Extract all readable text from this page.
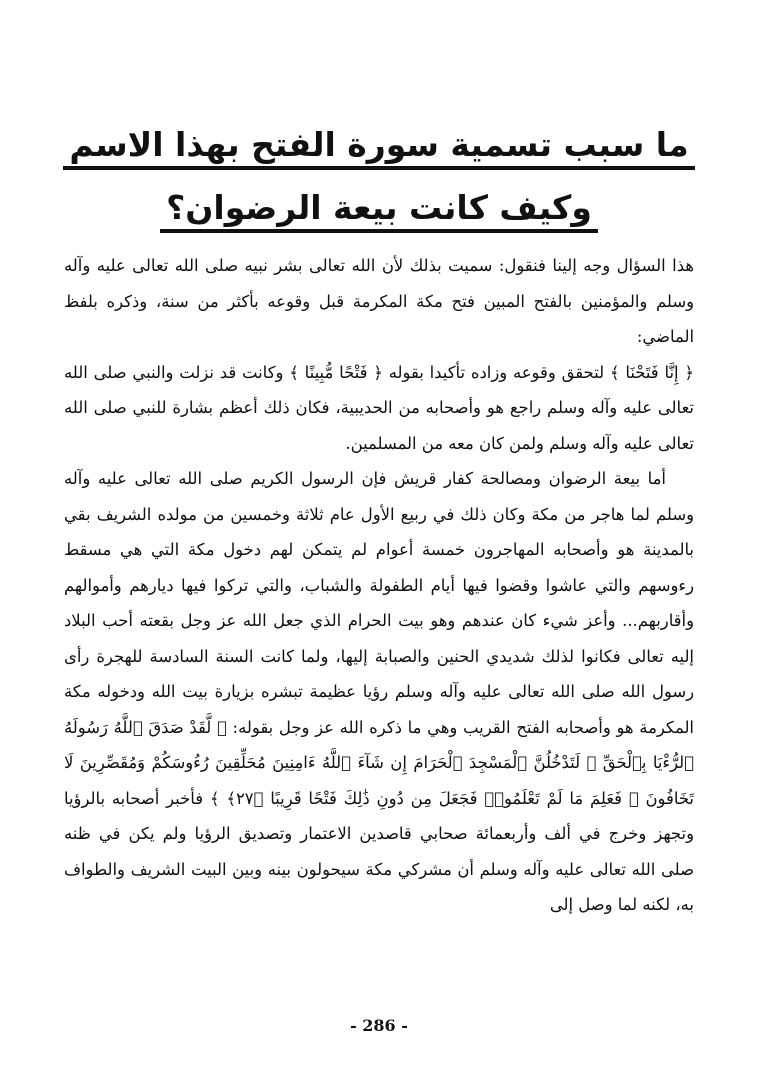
ما سبب تسمية سورة الفتح بهذا الاسم
وكيف كانت بيعة الرضوان؟

هذا السؤال وجه إلينا فنقول: سميت بذلك لأن الله تعالى بشر نبيه صلى الله تعالى عليه وآله وسلم والمؤمنين بالفتح المبين فتح مكة المكرمة قبل وقوعه بأكثر من سنة، وذكره بلفظ الماضي:

﴿ إِنَّا فَتَحْنَا ﴾ لتحقق وقوعه وزاده تأكيدا بقوله ﴿ فَتْحًا مُّبِينًا ﴾ وكانت قد نزلت والنبي صلى الله تعالى عليه وآله وسلم راجع هو وأصحابه من الحديبية، فكان ذلك أعظم بشارة للنبي صلى الله تعالى عليه وآله وسلم ولمن كان معه من المسلمين.

أما بيعة الرضوان ومصالحة كفار قريش فإن الرسول الكريم صلى الله تعالى عليه وآله وسلم لما هاجر من مكة وكان ذلك في ربيع الأول عام ثلاثة وخمسين من مولده الشريف بقي بالمدينة هو وأصحابه المهاجرون خمسة أعوام لم يتمكن لهم دخول مكة التي هي مسقط رءوسهم والتي عاشوا وقضوا فيها أيام الطفولة والشباب، والتي تركوا فيها ديارهم وأموالهم وأقاربهم... وأعز شيء كان عندهم وهو بيت الحرام الذي جعل الله عز وجل بقعته أحب البلاد إليه تعالى فكانوا لذلك شديدي الحنين والصبابة إليها، ولما كانت السنة السادسة للهجرة رأى رسول الله صلى الله تعالى عليه وآله وسلم رؤيا عظيمة تبشره بزيارة بيت الله ودخوله مكة المكرمة هو وأصحابه الفتح القريب وهي ما ذكره الله عز وجل بقوله: ﴿ لَّقَدْ صَدَقَ ٱللَّهُ رَسُولَهُ ٱلرُّءْيَا بِٱلْحَقِّ ۖ لَتَدْخُلُنَّ ٱلْمَسْجِدَ ٱلْحَرَامَ إِن شَآءَ ٱللَّهُ ءَامِنِينَ مُحَلِّقِينَ رُءُوسَكُمْ وَمُقَصِّرِينَ لَا تَخَافُونَ ۖ فَعَلِمَ مَا لَمْ تَعْلَمُوا۟ فَجَعَلَ مِن دُونِ ذَٰلِكَ فَتْحًا قَرِيبًا ﴿٢٧﴾ ﴾ فأخبر أصحابه بالرؤيا وتجهز وخرج في ألف وأربعمائة صحابي قاصدين الاعتمار وتصديق الرؤيا ولم يكن في ظنه صلى الله تعالى عليه وآله وسلم أن مشركي مكة سيحولون بينه وبين البيت الشريف والطواف به، لكنه لما وصل إلى

- 286 -
